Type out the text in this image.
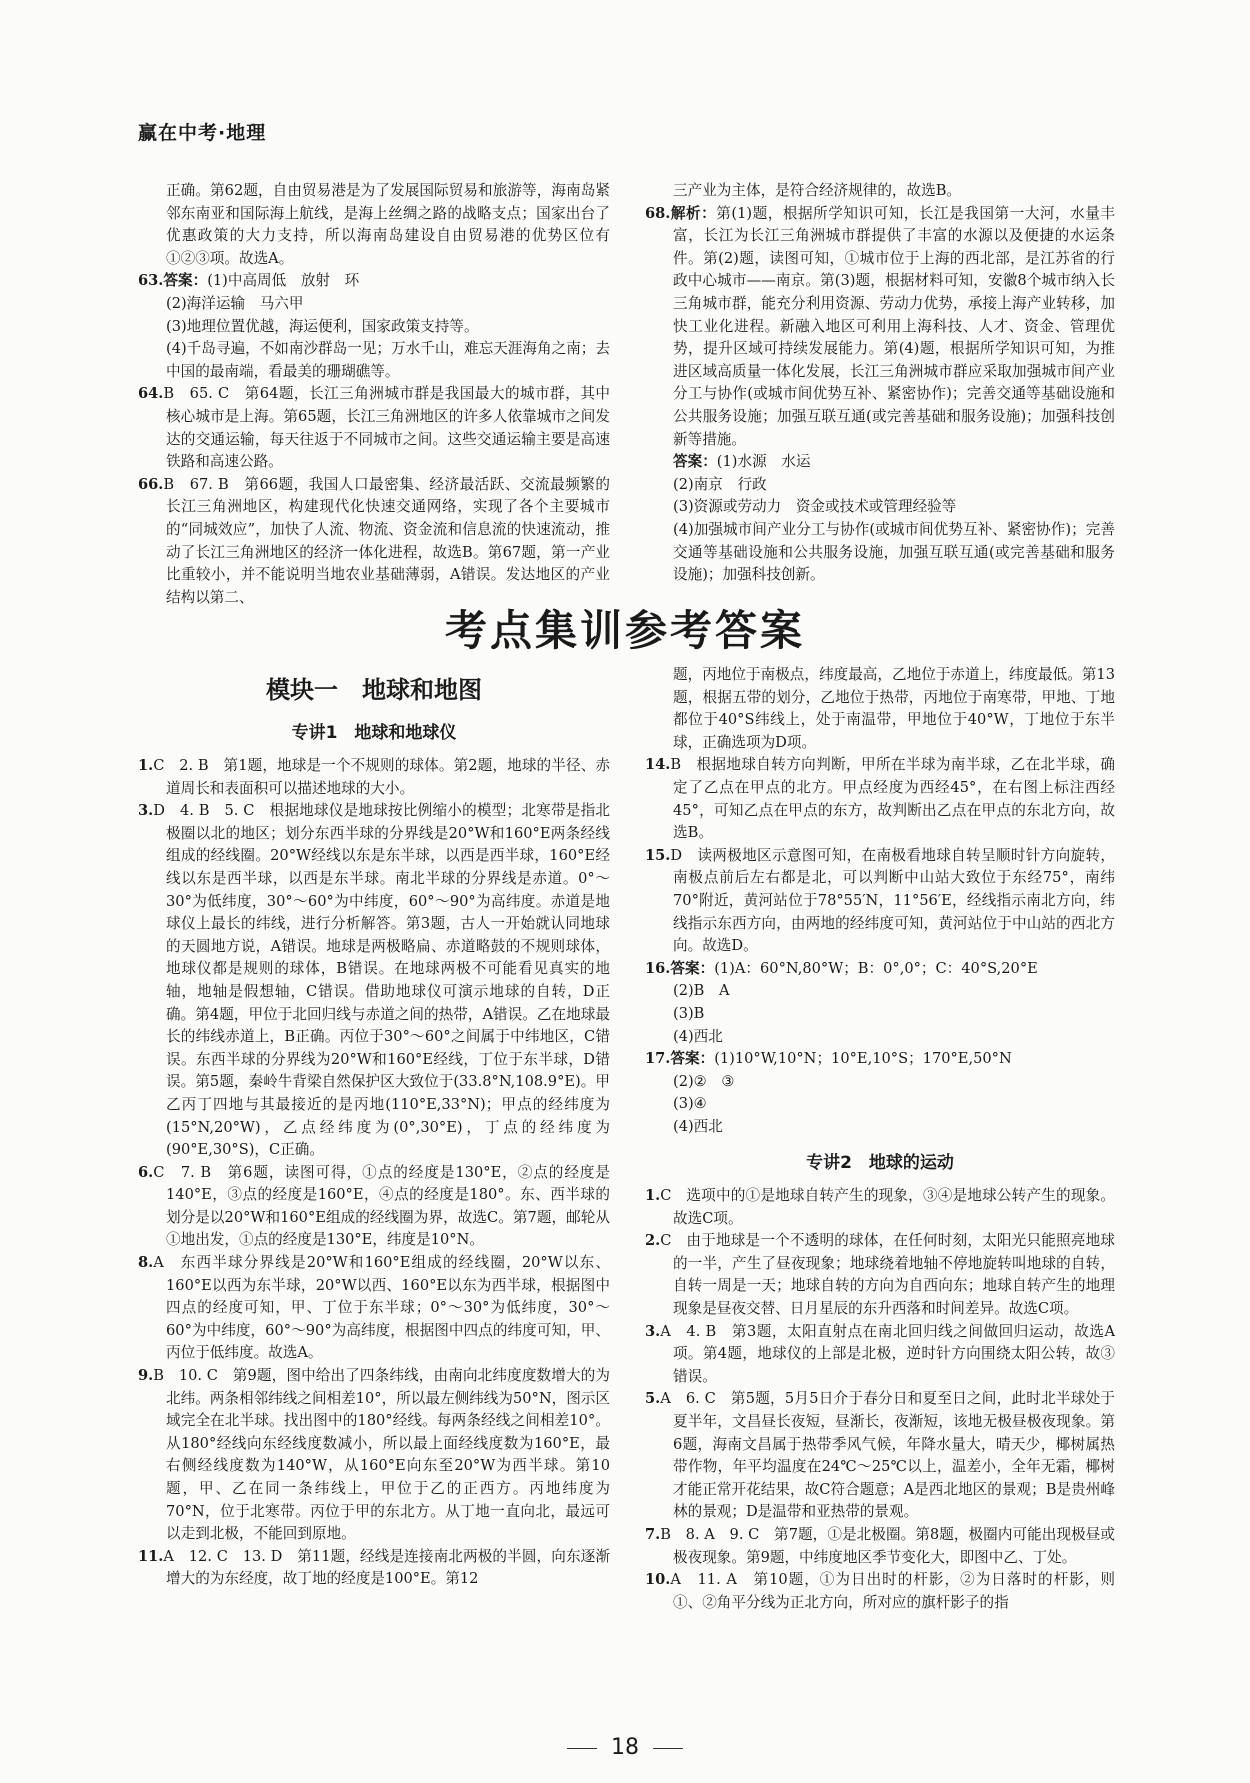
赢在中考·地理

正确。第62题，自由贸易港是为了发展国际贸易和旅游等，海南岛紧邻东南亚和国际海上航线，是海上丝绸之路的战略支点；国家出台了优惠政策的大力支持，所以海南岛建设自由贸易港的优势区位有①②③项。故选A。

63.答案：(1)中高周低　放射　环

(2)海洋运输　马六甲

(3)地理位置优越，海运便利，国家政策支持等。

(4)千岛寻遍，不如南沙群岛一见；万水千山，难忘天涯海角之南；去中国的最南端，看最美的珊瑚礁等。

64.B　65. C　第64题，长江三角洲城市群是我国最大的城市群，其中核心城市是上海。第65题，长江三角洲地区的许多人依靠城市之间发达的交通运输，每天往返于不同城市之间。这些交通运输主要是高速铁路和高速公路。

66.B　67. B　第66题，我国人口最密集、经济最活跃、交流最频繁的长江三角洲地区，构建现代化快速交通网络，实现了各个主要城市的“同城效应”，加快了人流、物流、资金流和信息流的快速流动，推动了长江三角洲地区的经济一体化进程，故选B。第67题，第一产业比重较小，并不能说明当地农业基础薄弱，A错误。发达地区的产业结构以第二、

三产业为主体，是符合经济规律的，故选B。

68.解析：第(1)题，根据所学知识可知，长江是我国第一大河，水量丰富，长江为长江三角洲城市群提供了丰富的水源以及便捷的水运条件。第(2)题，读图可知，①城市位于上海的西北部，是江苏省的行政中心城市——南京。第(3)题，根据材料可知，安徽8个城市纳入长三角城市群，能充分利用资源、劳动力优势，承接上海产业转移，加快工业化进程。新融入地区可利用上海科技、人才、资金、管理优势，提升区域可持续发展能力。第(4)题，根据所学知识可知，为推进区域高质量一体化发展，长江三角洲城市群应采取加强城市间产业分工与协作(或城市间优势互补、紧密协作)；完善交通等基础设施和公共服务设施；加强互联互通(或完善基础和服务设施)；加强科技创新等措施。

答案：(1)水源　水运

(2)南京　行政

(3)资源或劳动力　资金或技术或管理经验等

(4)加强城市间产业分工与协作(或城市间优势互补、紧密协作)；完善交通等基础设施和公共服务设施，加强互联互通(或完善基础和服务设施)；加强科技创新。

考点集训参考答案
模块一　地球和地图
专讲1　地球和地球仪

1.C　2. B　第1题，地球是一个不规则的球体。第2题，地球的半径、赤道周长和表面积可以描述地球的大小。

3.D　4. B　5. C　根据地球仪是地球按比例缩小的模型；北寒带是指北极圈以北的地区；划分东西半球的分界线是20°W和160°E两条经线组成的经线圈。20°W经线以东是东半球，以西是西半球，160°E经线以东是西半球，以西是东半球。南北半球的分界线是赤道。0°～30°为低纬度，30°～60°为中纬度，60°～90°为高纬度。赤道是地球仪上最长的纬线，进行分析解答。第3题，古人一开始就认同地球的天圆地方说，A错误。地球是两极略扁、赤道略鼓的不规则球体，地球仪都是规则的球体，B错误。在地球两极不可能看见真实的地轴，地轴是假想轴，C错误。借助地球仪可演示地球的自转，D正确。第4题，甲位于北回归线与赤道之间的热带，A错误。乙在地球最长的纬线赤道上，B正确。丙位于30°～60°之间属于中纬地区，C错误。东西半球的分界线为20°W和160°E经线，丁位于东半球，D错误。第5题，秦岭牛背梁自然保护区大致位于(33.8°N,108.9°E)。甲乙丙丁四地与其最接近的是丙地(110°E,33°N)；甲点的经纬度为(15°N,20°W)，乙点经纬度为(0°,30°E)，丁点的经纬度为(90°E,30°S)，C正确。

6.C　7. B　第6题，读图可得，①点的经度是130°E，②点的经度是140°E，③点的经度是160°E，④点的经度是180°。东、西半球的划分是以20°W和160°E组成的经线圈为界，故选C。第7题，邮轮从①地出发，①点的经度是130°E，纬度是10°N。

8.A　东西半球分界线是20°W和160°E组成的经线圈，20°W以东、160°E以西为东半球，20°W以西、160°E以东为西半球，根据图中四点的经度可知，甲、丁位于东半球；0°～30°为低纬度，30°～60°为中纬度，60°～90°为高纬度，根据图中四点的纬度可知，甲、丙位于低纬度。故选A。

9.B　10. C　第9题，图中给出了四条纬线，由南向北纬度度数增大的为北纬。两条相邻纬线之间相差10°，所以最左侧纬线为50°N，图示区域完全在北半球。找出图中的180°经线。每两条经线之间相差10°。从180°经线向东经线度数减小，所以最上面经线度数为160°E，最右侧经线度数为140°W，从160°E向东至20°W为西半球。第10题，甲、乙在同一条纬线上，甲位于乙的正西方。丙地纬度为70°N，位于北寒带。丙位于甲的东北方。从丁地一直向北，最远可以走到北极，不能回到原地。

11.A　12. C　13. D　第11题，经线是连接南北两极的半圆，向东逐渐增大的为东经度，故丁地的经度是100°E。第12

题，丙地位于南极点，纬度最高，乙地位于赤道上，纬度最低。第13题，根据五带的划分，乙地位于热带，丙地位于南寒带，甲地、丁地都位于40°S纬线上，处于南温带，甲地位于40°W，丁地位于东半球，正确选项为D项。

14.B　根据地球自转方向判断，甲所在半球为南半球，乙在北半球，确定了乙点在甲点的北方。甲点经度为西经45°，在右图上标注西经45°，可知乙点在甲点的东方，故判断出乙点在甲点的东北方向，故选B。

15.D　读两极地区示意图可知，在南极看地球自转呈顺时针方向旋转，南极点前后左右都是北，可以判断中山站大致位于东经75°，南纬70°附近，黄河站位于78°55′N，11°56′E，经线指示南北方向，纬线指示东西方向，由两地的经纬度可知，黄河站位于中山站的西北方向。故选D。

16.答案：(1)A：60°N,80°W；B：0°,0°；C：40°S,20°E

(2)B　A

(3)B

(4)西北

17.答案：(1)10°W,10°N；10°E,10°S；170°E,50°N

(2)②　③

(3)④

(4)西北

专讲2　地球的运动

1.C　选项中的①是地球自转产生的现象，③④是地球公转产生的现象。故选C项。

2.C　由于地球是一个不透明的球体，在任何时刻，太阳光只能照亮地球的一半，产生了昼夜现象；地球绕着地轴不停地旋转叫地球的自转，自转一周是一天；地球自转的方向为自西向东；地球自转产生的地理现象是昼夜交替、日月星辰的东升西落和时间差异。故选C项。

3.A　4. B　第3题，太阳直射点在南北回归线之间做回归运动，故选A项。第4题，地球仪的上部是北极，逆时针方向围绕太阳公转，故③错误。

5.A　6. C　第5题，5月5日介于春分日和夏至日之间，此时北半球处于夏半年，文昌昼长夜短，昼渐长，夜渐短，该地无极昼极夜现象。第6题，海南文昌属于热带季风气候，年降水量大，晴天少，椰树属热带作物，年平均温度在24℃～25℃以上，温差小，全年无霜，椰树才能正常开花结果，故C符合题意；A是西北地区的景观；B是贵州峰林的景观；D是温带和亚热带的景观。

7.B　8. A　9. C　第7题，①是北极圈。第8题，极圈内可能出现极昼或极夜现象。第9题，中纬度地区季节变化大，即图中乙、丁处。

10.A　11. A　第10题，①为日出时的杆影，②为日落时的杆影，则①、②角平分线为正北方向，所对应的旗杆影子的指

18
